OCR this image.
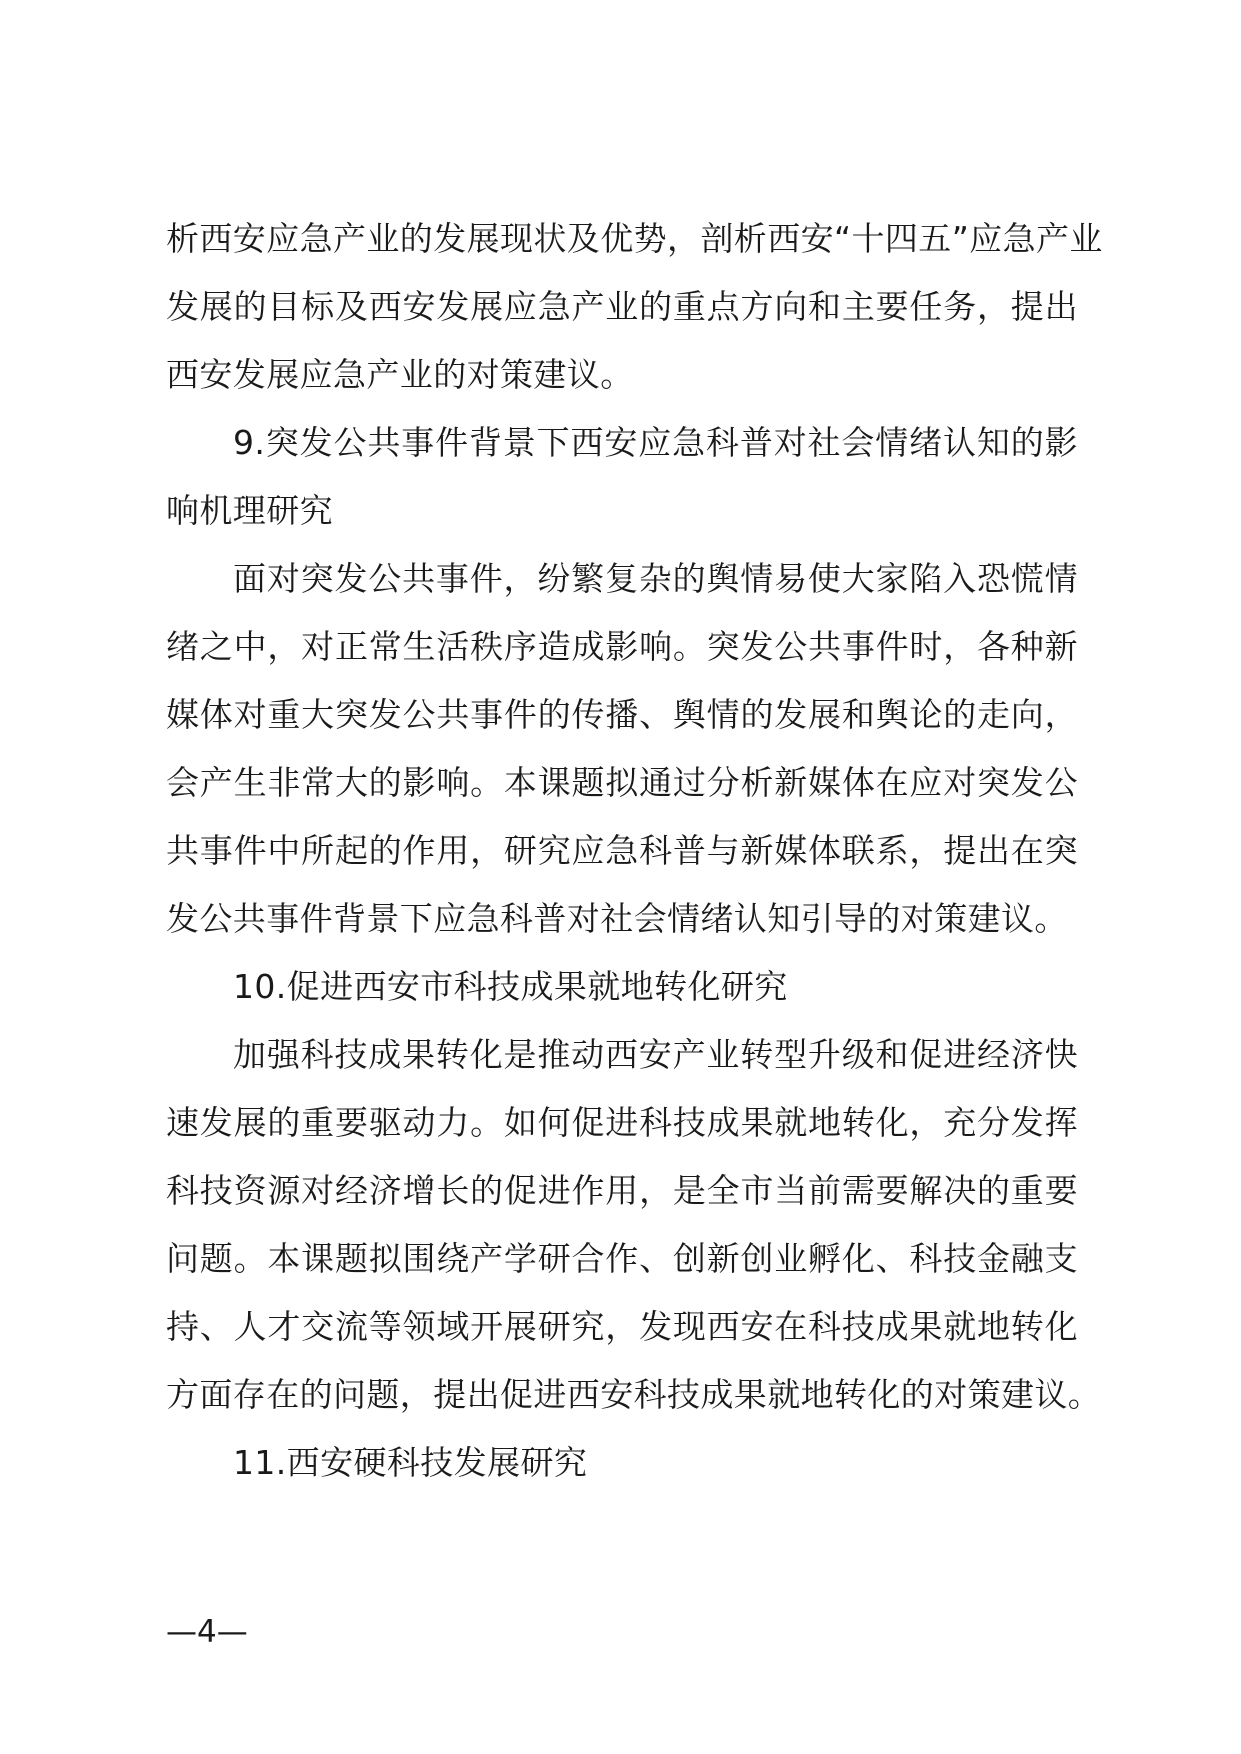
析西安应急产业的发展现状及优势，剖析西安“十四五”应急产业
发展的目标及西安发展应急产业的重点方向和主要任务，提出
西安发展应急产业的对策建议。
9.突发公共事件背景下西安应急科普对社会情绪认知的影
响机理研究
面对突发公共事件，纷繁复杂的舆情易使大家陷入恐慌情
绪之中，对正常生活秩序造成影响。突发公共事件时，各种新
媒体对重大突发公共事件的传播、舆情的发展和舆论的走向，
会产生非常大的影响。本课题拟通过分析新媒体在应对突发公
共事件中所起的作用，研究应急科普与新媒体联系，提出在突
发公共事件背景下应急科普对社会情绪认知引导的对策建议。
10.促进西安市科技成果就地转化研究
加强科技成果转化是推动西安产业转型升级和促进经济快
速发展的重要驱动力。如何促进科技成果就地转化，充分发挥
科技资源对经济增长的促进作用，是全市当前需要解决的重要
问题。本课题拟围绕产学研合作、创新创业孵化、科技金融支
持、人才交流等领域开展研究，发现西安在科技成果就地转化
方面存在的问题，提出促进西安科技成果就地转化的对策建议。
11.西安硬科技发展研究
—4—
